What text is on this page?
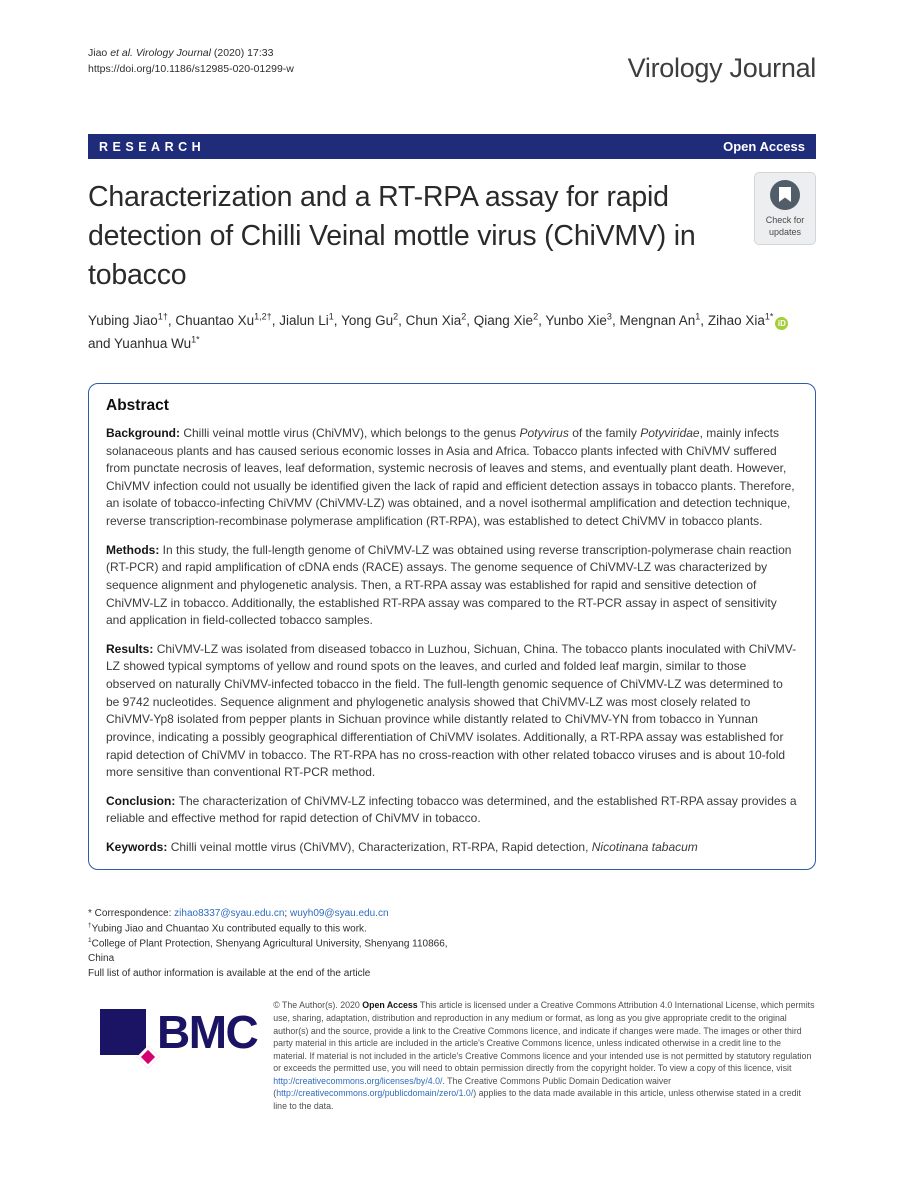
Jiao et al. Virology Journal (2020) 17:33
https://doi.org/10.1186/s12985-020-01299-w	Virology Journal
RESEARCH	Open Access
Characterization and a RT-RPA assay for rapid detection of Chilli Veinal mottle virus (ChiVMV) in tobacco
Check for
updates
Yubing Jiao$^{1\dagger}$, Chuantao $Xu^{1,2\dagger}$, Jialun Li$^1$, Yong Gu$^2$, Chun Xia$^2$, Qiang Xie$^2$, Yunbo Xie$^3$, Mengnan An$^1$, Zihao Xia$^{1*}$iD and Yuanhua $Wu^{1*}$
Abstract

Background: Chilli veinal mottle virus (ChiVMV), which belongs to the genus Potyvirus of the family Potyviridae, mainly infects solanaceous plants and has caused serious economic losses in Asia and Africa. Tobacco plants infected with ChiVMV suffered from punctate necrosis of leaves, leaf deformation, systemic necrosis of leaves and stems, and eventually plant death. However, ChiVMV infection could not usually be identified given the lack of rapid and efficient detection assays in tobacco plants. Therefore, an isolate of tobacco-infecting ChiVMV (ChiVMV-LZ) was obtained, and a novel isothermal amplification and detection technique, reverse transcription-recombinase polymerase amplification (RT-RPA), was established to detect ChiVMV in tobacco plants.

Methods: In this study, the full-length genome of ChiVMV-LZ was obtained using reverse transcription-polymerase chain reaction (RT-PCR) and rapid amplification of cDNA ends (RACE) assays. The genome sequence of ChiVMV-LZ was characterized by sequence alignment and phylogenetic analysis. Then, a RT-RPA assay was established for rapid and sensitive detection of ChiVMV-LZ in tobacco. Additionally, the established RT-RPA assay was compared to the RT-PCR assay in aspect of sensitivity and application in field-collected tobacco samples.

Results: ChiVMV-LZ was isolated from diseased tobacco in Luzhou, Sichuan, China. The tobacco plants inoculated with ChiVMV-LZ showed typical symptoms of yellow and round spots on the leaves, and curled and folded leaf margin, similar to those observed on naturally ChiVMV-infected tobacco in the field. The full-length genomic sequence of ChiVMV-LZ was determined to be 9742 nucleotides. Sequence alignment and phylogenetic analysis showed that ChiVMV-LZ was most closely related to ChiVMV-Yp8 isolated from pepper plants in Sichuan province while distantly related to ChiVMV-YN from tobacco in Yunnan province, indicating a possibly geographical differentiation of ChiVMV isolates. Additionally, a RT-RPA assay was established for rapid detection of ChiVMV in tobacco. The RT-RPA has no cross-reaction with other related tobacco viruses and is about 10-fold more sensitive than conventional RT-PCR method.

Conclusion: The characterization of ChiVMV-LZ infecting tobacco was determined, and the established RT-RPA assay provides a reliable and effective method for rapid detection of ChiVMV in tobacco.

Keywords: Chilli veinal mottle virus (ChiVMV), Characterization, RT-RPA, Rapid detection, Nicotinana tabacum

* Correspondence: zihao8337@syau.edu.cn; wuyh09@syau.edu.cn
†Yubing Jiao and Chuantao Xu contributed equally to this work.
$^1$College of Plant Protection, Shenyang Agricultural University, Shenyang 110866, China
Full list of author information is available at the end of the article
BMC
© The Author(s). 2020 Open Access This article is licensed under a Creative Commons Attribution 4.0 International License, which permits use, sharing, adaptation, distribution and reproduction in any medium or format, as long as you give appropriate credit to the original author(s) and the source, provide a link to the Creative Commons licence, and indicate if changes were made. The images or other third party material in this article are included in the article's Creative Commons licence, unless indicated otherwise in a credit line to the material. If material is not included in the article's Creative Commons licence and your intended use is not permitted by statutory regulation or exceeds the permitted use, you will need to obtain permission directly from the copyright holder. To view a copy of this licence, visit http://creativecommons.org/licenses/by/4.0/. The Creative Commons Public Domain Dedication waiver (http://creativecommons.org/publicdomain/zero/1.0/) applies to the data made available in this article, unless otherwise stated in a credit line to the data.
